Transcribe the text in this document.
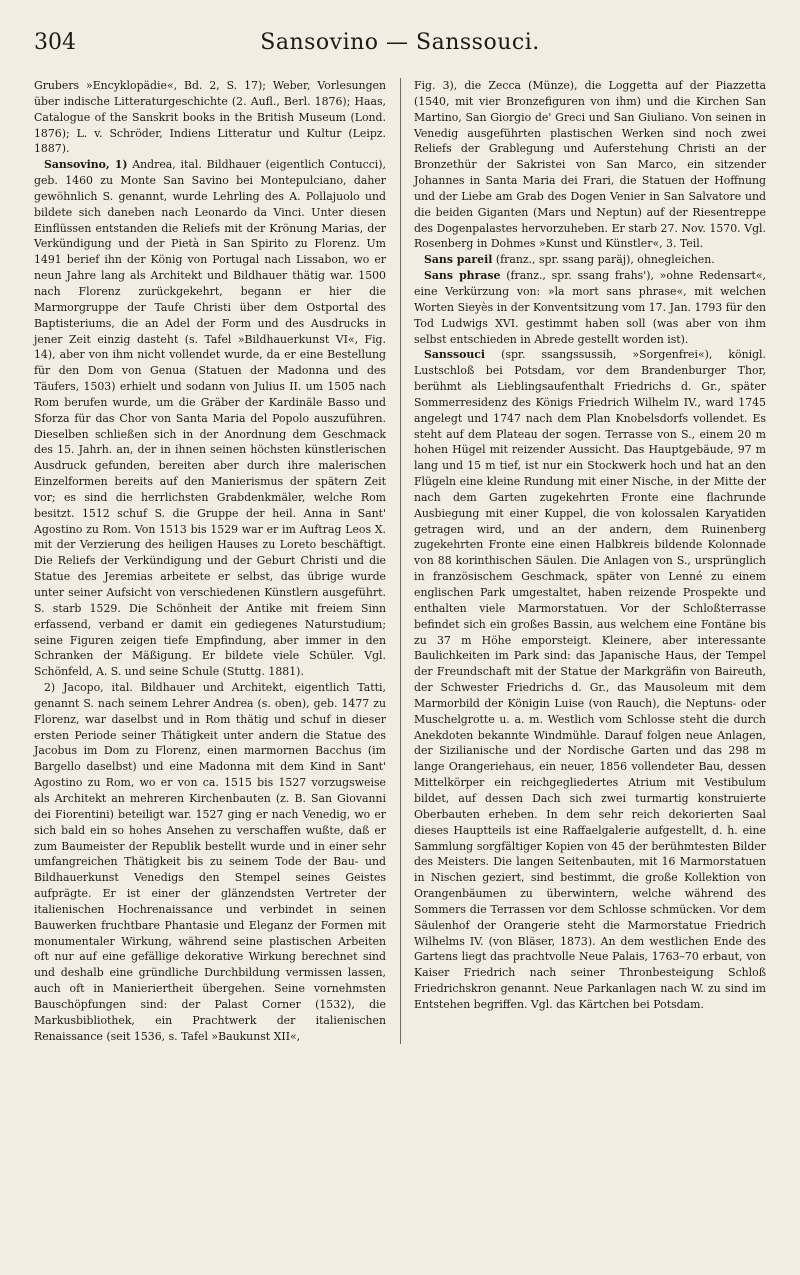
304	Sansovino — Sanssouci.

Grubers »Encyklopädie«, Bd. 2, S. 17); Weber, Vorlesungen über indische Litteraturgeschichte (2. Aufl., Berl. 1876); Haas, Catalogue of the Sanskrit books in the British Museum (Lond. 1876); L. v. Schröder, Indiens Litteratur und Kultur (Leipz. 1887).

Sansovino, 1) Andrea, ital. Bildhauer (eigentlich Contucci), geb. 1460 zu Monte San Savino bei Montepulciano, daher gewöhnlich S. genannt, wurde Lehrling des A. Pollajuolo und bildete sich daneben nach Leonardo da Vinci. Unter diesen Einflüssen entstanden die Reliefs mit der Krönung Marias, der Verkündigung und der Pietà in San Spirito zu Florenz. Um 1491 berief ihn der König von Portugal nach Lissabon, wo er neun Jahre lang als Architekt und Bildhauer thätig war. 1500 nach Florenz zurückgekehrt, begann er hier die Marmorgruppe der Taufe Christi über dem Ostportal des Baptisteriums, die an Adel der Form und des Ausdrucks in jener Zeit einzig dasteht (s. Tafel »Bildhauerkunst VI«, Fig. 14), aber von ihm nicht vollendet wurde, da er eine Bestellung für den Dom von Genua (Statuen der Madonna und des Täufers, 1503) erhielt und sodann von Julius II. um 1505 nach Rom berufen wurde, um die Gräber der Kardinäle Basso und Sforza für das Chor von Santa Maria del Popolo auszuführen. Dieselben schließen sich in der Anordnung dem Geschmack des 15. Jahrh. an, der in ihnen seinen höchsten künstlerischen Ausdruck gefunden, bereiten aber durch ihre malerischen Einzelformen bereits auf den Manierismus der spätern Zeit vor; es sind die herrlichsten Grabdenkmäler, welche Rom besitzt. 1512 schuf S. die Gruppe der heil. Anna in Sant' Agostino zu Rom. Von 1513 bis 1529 war er im Auftrag Leos X. mit der Verzierung des heiligen Hauses zu Loreto beschäftigt. Die Reliefs der Verkündigung und der Geburt Christi und die Statue des Jeremias arbeitete er selbst, das übrige wurde unter seiner Aufsicht von verschiedenen Künstlern ausgeführt. S. starb 1529. Die Schönheit der Antike mit freiem Sinn erfassend, verband er damit ein gediegenes Naturstudium; seine Figuren zeigen tiefe Empfindung, aber immer in den Schranken der Mäßigung. Er bildete viele Schüler. Vgl. Schönfeld, A. S. und seine Schule (Stuttg. 1881).

2) Jacopo, ital. Bildhauer und Architekt, eigentlich Tatti, genannt S. nach seinem Lehrer Andrea (s. oben), geb. 1477 zu Florenz, war daselbst und in Rom thätig und schuf in dieser ersten Periode seiner Thätigkeit unter andern die Statue des Jacobus im Dom zu Florenz, einen marmornen Bacchus (im Bargello daselbst) und eine Madonna mit dem Kind in Sant' Agostino zu Rom, wo er von ca. 1515 bis 1527 vorzugsweise als Architekt an mehreren Kirchenbauten (z. B. San Giovanni dei Fiorentini) beteiligt war. 1527 ging er nach Venedig, wo er sich bald ein so hohes Ansehen zu verschaffen wußte, daß er zum Baumeister der Republik bestellt wurde und in einer sehr umfangreichen Thätigkeit bis zu seinem Tode der Bau- und Bildhauerkunst Venedigs den Stempel seines Geistes aufprägte. Er ist einer der glänzendsten Vertreter der italienischen Hochrenaissance und verbindet in seinen Bauwerken fruchtbare Phantasie und Eleganz der Formen mit monumentaler Wirkung, während seine plastischen Arbeiten oft nur auf eine gefällige dekorative Wirkung berechnet sind und deshalb eine gründliche Durchbildung vermissen lassen, auch oft in Manieriertheit übergehen. Seine vornehmsten Bauschöpfungen sind: der Palast Corner (1532), die Markusbibliothek, ein Prachtwerk der italienischen Renaissance (seit 1536, s. Tafel »Baukunst XII«,

Fig. 3), die Zecca (Münze), die Loggetta auf der Piazzetta (1540, mit vier Bronzefiguren von ihm) und die Kirchen San Martino, San Giorgio de' Greci und San Giuliano. Von seinen in Venedig ausgeführten plastischen Werken sind noch zwei Reliefs der Grablegung und Auferstehung Christi an der Bronzethür der Sakristei von San Marco, ein sitzender Johannes in Santa Maria dei Frari, die Statuen der Hoffnung und der Liebe am Grab des Dogen Venier in San Salvatore und die beiden Giganten (Mars und Neptun) auf der Riesentreppe des Dogenpalastes hervorzuheben. Er starb 27. Nov. 1570. Vgl. Rosenberg in Dohmes »Kunst und Künstler«, 3. Teil.

Sans pareil (franz., spr. ssang paräj), ohnegleichen.

Sans phrase (franz., spr. ssang frahs'), »ohne Redensart«, eine Verkürzung von: »la mort sans phrase«, mit welchen Worten Sieyès in der Konventsitzung vom 17. Jan. 1793 für den Tod Ludwigs XVI. gestimmt haben soll (was aber von ihm selbst entschieden in Abrede gestellt worden ist).

Sanssouci (spr. ssangssussih, »Sorgenfrei«), königl. Lustschloß bei Potsdam, vor dem Brandenburger Thor, berühmt als Lieblingsaufenthalt Friedrichs d. Gr., später Sommerresidenz des Königs Friedrich Wilhelm IV., ward 1745 angelegt und 1747 nach dem Plan Knobelsdorfs vollendet. Es steht auf dem Plateau der sogen. Terrasse von S., einem 20 m hohen Hügel mit reizender Aussicht. Das Hauptgebäude, 97 m lang und 15 m tief, ist nur ein Stockwerk hoch und hat an den Flügeln eine kleine Rundung mit einer Nische, in der Mitte der nach dem Garten zugekehrten Fronte eine flachrunde Ausbiegung mit einer Kuppel, die von kolossalen Karyatiden getragen wird, und an der andern, dem Ruinenberg zugekehrten Fronte eine einen Halbkreis bildende Kolonnade von 88 korinthischen Säulen. Die Anlagen von S., ursprünglich in französischem Geschmack, später von Lenné zu einem englischen Park umgestaltet, haben reizende Prospekte und enthalten viele Marmorstatuen. Vor der Schloßterrasse befindet sich ein großes Bassin, aus welchem eine Fontäne bis zu 37 m Höhe emporsteigt. Kleinere, aber interessante Baulichkeiten im Park sind: das Japanische Haus, der Tempel der Freundschaft mit der Statue der Markgräfin von Baireuth, der Schwester Friedrichs d. Gr., das Mausoleum mit dem Marmorbild der Königin Luise (von Rauch), die Neptuns- oder Muschelgrotte u. a. m. Westlich vom Schlosse steht die durch Anekdoten bekannte Windmühle. Darauf folgen neue Anlagen, der Sizilianische und der Nordische Garten und das 298 m lange Orangeriehaus, ein neuer, 1856 vollendeter Bau, dessen Mittelkörper ein reichgegliedertes Atrium mit Vestibulum bildet, auf dessen Dach sich zwei turmartig konstruierte Oberbauten erheben. In dem sehr reich dekorierten Saal dieses Hauptteils ist eine Raffaelgalerie aufgestellt, d. h. eine Sammlung sorgfältiger Kopien von 45 der berühmtesten Bilder des Meisters. Die langen Seitenbauten, mit 16 Marmorstatuen in Nischen geziert, sind bestimmt, die große Kollektion von Orangenbäumen zu überwintern, welche während des Sommers die Terrassen vor dem Schlosse schmücken. Vor dem Säulenhof der Orangerie steht die Marmorstatue Friedrich Wilhelms IV. (von Bläser, 1873). An dem westlichen Ende des Gartens liegt das prachtvolle Neue Palais, 1763–70 erbaut, von Kaiser Friedrich nach seiner Thronbesteigung Schloß Friedrichskron genannt. Neue Parkanlagen nach W. zu sind im Entstehen begriffen. Vgl. das Kärtchen bei Potsdam.
